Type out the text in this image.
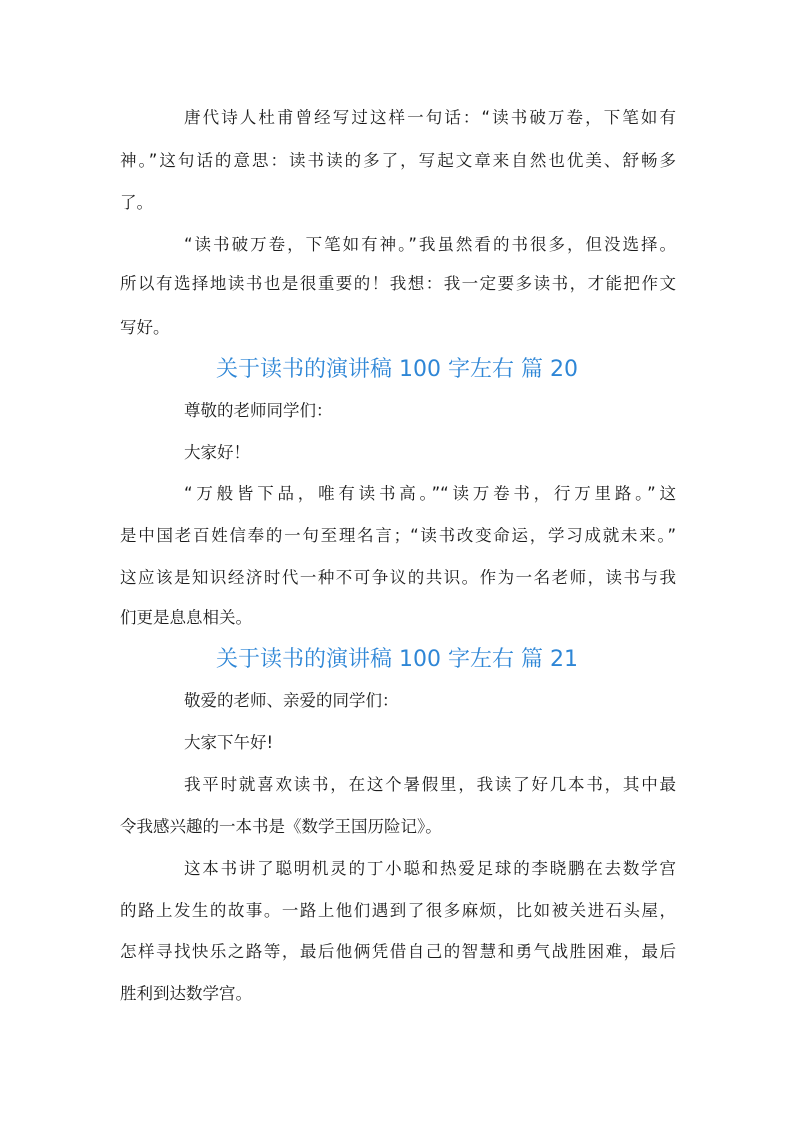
唐代诗人杜甫曾经写过这样一句话：“读书破万卷，下笔如有
神。”这句话的意思：读书读的多了，写起文章来自然也优美、舒畅多
了。
“读书破万卷，下笔如有神。”我虽然看的书很多，但没选择。
所以有选择地读书也是很重要的！我想：我一定要多读书，才能把作文
写好。
关于读书的演讲稿 100 字左右 篇 20
尊敬的老师同学们：
大家好！
“万般皆下品，唯有读书高。”“读万卷书，行万里路。”这
是中国老百姓信奉的一句至理名言；“读书改变命运，学习成就未来。”
这应该是知识经济时代一种不可争议的共识。作为一名老师，读书与我
们更是息息相关。
关于读书的演讲稿 100 字左右 篇 21
敬爱的老师、亲爱的同学们：
大家下午好!
我平时就喜欢读书，在这个暑假里，我读了好几本书，其中最
令我感兴趣的一本书是《数学王国历险记》。
这本书讲了聪明机灵的丁小聪和热爱足球的李晓鹏在去数学宫
的路上发生的故事。一路上他们遇到了很多麻烦，比如被关进石头屋，
怎样寻找快乐之路等，最后他俩凭借自己的智慧和勇气战胜困难，最后
胜利到达数学宫。
